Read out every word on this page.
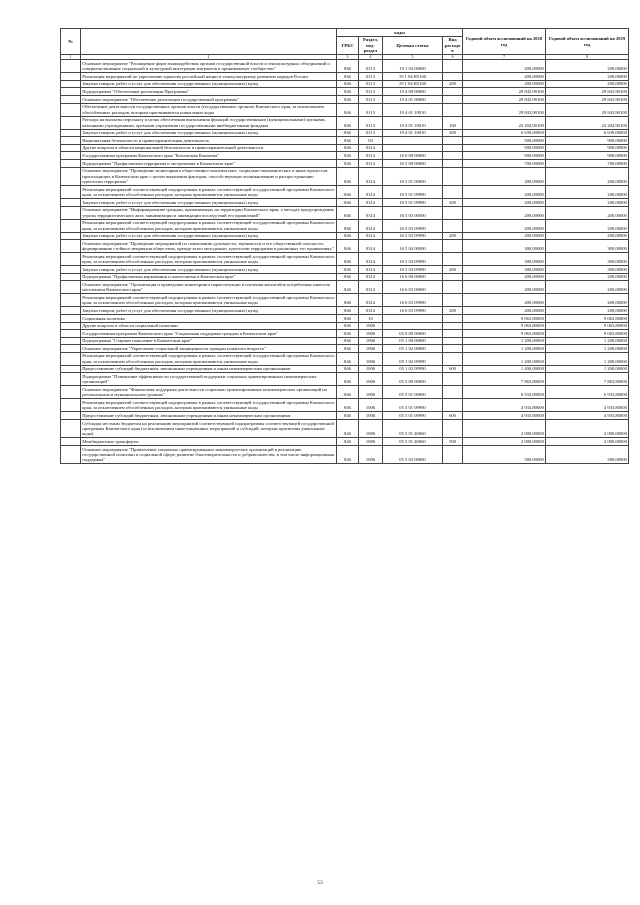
№		коды				Годовой объем ассигнований на 2018 год	Годовой объем ассигнований на 2019 год
		ГРБС	Раздел, под-раздел	Целевая статья	Вид расходов		
1	2	3	4	5	6	7	8
	Основное мероприятие "Расширение форм взаимодействия органов государственной власти и этнокультурных объединений и совершенствование социальной и культурной интеграции мигрантов в принимающее сообщество"	846	0113	19 1 04 00000		200,00000	200,00000
	Реализация мероприятий по укреплению единства российской нации и этнокультурному развитию народов России	846	0113	19 1 04 R5160		200,00000	200,00000
	Закупка товаров, работ и услуг для обеспечения государственных (муниципальных) нужд	846	0113	19 1 04 R5160	200	200,00000	200,00000
	Подпрограмма "Обеспечение реализации Программы"	846	0113	19 4 00 00000		29 843,90100	29 843,90100
	Основное мероприятие "Обеспечение реализации государственной программы"	846	0113	19 4 01 00000		29 843,90100	29 843,90100
	Обеспечение деятельности государственных органов власти (государственных органов) Камчатского края, за исключением обособленных расходов, которым присваиваются уникальные коды	846	0113	19 4 01 10010		29 843,90100	29 843,90100
	Расходы на выплаты персоналу в целях обеспечения выполнения функций государственными (муниципальными) органами, казенными учреждениями, органами управления государственными внебюджетными фондами	846	0113	19 4 01 10010	100	23 204,90100	23 204,90100
	Закупка товаров, работ и услуг для обеспечения государственных (муниципальных) нужд	846	0113	19 4 01 10010	200	6 639,00000	6 639,00000
	Национальная безопасность и правоохранительная деятельность	846	03			900,00000	900,00000
	Другие вопросы в области национальной безопасности и правоохранительной деятельности	846	0314			900,00000	900,00000
	Государственная программа Камчатского края "Безопасная Камчатка"	846	0314	16 0 00 00000		900,00000	900,00000
	Подпрограмма "Профилактика терроризма и экстремизма в Камчатском крае"	846	0314	16 5 00 00000		700,00000	700,00000
	Основное мероприятие "Проведение мониторинга общественно-политических, социально-экономических и иных процессов, происходящих в Камчатском крае с целью выявления факторов, способствующих возникновению и распространению идеологии терроризма"	846	0314	16 5 01 00000		200,00000	200,00000
	Реализация мероприятий соответствующей подпрограммы в рамках соответствующей государственной программы Камчатского края, за исключением обособленных расходов, которым присваиваются уникальные коды	846	0314	16 5 01 09990		200,00000	200,00000
	Закупка товаров, работ и услуг для обеспечения государственных (муниципальных) нужд	846	0314	16 5 01 09990	200	200,00000	200,00000
	Основное мероприятие "Информирование граждан, проживающих на территории Камчатского края, о методах предупреждения угрозы террористического акта, минимизации и ликвидации последствий его проявлений"	846	0314	16 5 03 00000		200,00000	200,00000
	Реализация мероприятий соответствующей подпрограммы в рамках соответствующей государственной программы Камчатского края, за исключением обособленных расходов, которым присваиваются уникальные коды	846	0314	16 5 03 09990		200,00000	200,00000
	Закупка товаров, работ и услуг для обеспечения государственных (муниципальных) нужд	846	0314	16 5 03 09990	200	200,00000	200,00000
	Основное мероприятие "Проведение мероприятий по повышению духовности, терпимости и его общественной опасности, формированию стойкого неприятия обществом, прежде всего молодежью, идеологии терроризма в различных его проявлениях"	846	0314	16 5 04 00000		300,00000	300,00000
	Реализация мероприятий соответствующей подпрограммы в рамках соответствующей государственной программы Камчатского края, за исключением обособленных расходов, которым присваиваются уникальные коды	846	0314	16 5 04 09990		300,00000	300,00000
	Закупка товаров, работ и услуг для обеспечения государственных (муниципальных) нужд	846	0314	16 5 04 09990	200	300,00000	300,00000
	Подпрограмма "Профилактика наркомании и алкоголизма в Камчатском крае"	846	0314	16 6 00 00000		200,00000	200,00000
	Основное мероприятие "Организация и проведение мониторинга наркоситуации и изучения масштабов потребления алкоголя населением Камчатского края"	846	0314	16 6 03 00000		200,00000	200,00000
	Реализация мероприятий соответствующей подпрограммы в рамках соответствующей государственной программы Камчатского края, за исключением обособленных расходов, которым присваиваются уникальные коды	846	0314	16 6 03 09990		200,00000	200,00000
	Закупка товаров, работ и услуг для обеспечения государственных (муниципальных) нужд	846	0314	16 6 03 09990	200	200,00000	200,00000
	Социальная политика	846	10			9 063,80000	9 063,80000
	Другие вопросы в области социальной политики	846	1006			9 063,80000	9 063,80000
	Государственная программа Камчатского края "Социальная поддержка граждан в Камчатском крае"	846	1006	05 0 00 00000		9 063,80000	9 063,80000
	Подпрограмма "Старшее поколение в Камчатском крае"	846	1006	05 1 00 00000		1 200,00000	1 200,00000
	Основное мероприятие "Укрепление социальной защищенности граждан пожилого возраста"	846	1006	05 1 02 00000		1 200,00000	1 200,00000
	Реализация мероприятий соответствующей подпрограммы в рамках соответствующей государственной программы Камчатского края, за исключением обособленных расходов, которым присваиваются уникальные коды	846	1006	05 1 02 09990		1 200,00000	1 200,00000
	Предоставление субсидий бюджетным, автономным учреждениям и иным некоммерческим организациям	846	1006	05 1 02 09990	600	1 200,00000	1 200,00000
	Подпрограмма "Повышение эффективности государственной поддержки социально ориентированных некоммерческих организаций"	846	1006	05 5 00 00000		7 863,80000	7 863,80000
	Основное мероприятие "Финансовая поддержка деятельности социально ориентированных некоммерческих организаций на региональном и муниципальном уровнях"	846	1006	05 5 01 00000		6 933,80000	6 933,80000
	Реализация мероприятий соответствующей подпрограммы в рамках соответствующей государственной программы Камчатского края, за исключением обособленных расходов, которым присваиваются уникальные коды	846	1006	05 5 01 09990		4 933,80000	4 933,80000
	Предоставление субсидий бюджетным, автономным учреждениям и иным некоммерческим организациям	846	1006	05 5 01 09990	600	4 933,80000	4 933,80000
	Субсидия местным бюджетам на реализацию мероприятий соответствующей подпрограммы соответствующей государственной программы Камчатского края (за исключением инвестиционных мероприятий и субсидий, которым присвоены уникальные коды)	846	1006	05 5 01 40060		2 000,00000	2 000,00000
	Межбюджетные трансферты	846	1006	05 5 01 40060	500	2 000,00000	2 000,00000
	Основное мероприятие "Привлечение социально ориентированных некоммерческих организаций в реализацию государственной политики в социальной сфере, развитие благотворительности и добровольчества, в том числе информационная поддержка"	846	1006	05 5 03 00000		580,00000	580,00000
53
